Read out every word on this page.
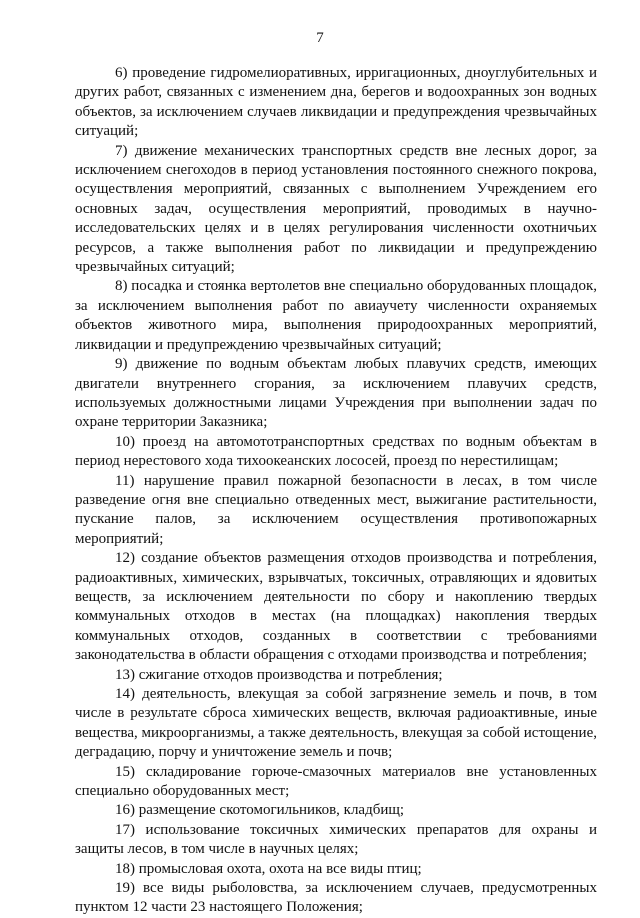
7

6) проведение гидромелиоративных, ирригационных, дноуглубительных и других работ, связанных с изменением дна, берегов и водоохранных зон водных объектов, за исключением случаев ликвидации и предупреждения чрезвычайных ситуаций;

7) движение механических транспортных средств вне лесных дорог, за исключением снегоходов в период установления постоянного снежного покрова, осуществления мероприятий, связанных с выполнением Учреждением его основных задач, осуществления мероприятий, проводимых в научно-исследовательских целях и в целях регулирования численности охотничьих ресурсов, а также выполнения работ по ликвидации и предупреждению чрезвычайных ситуаций;

8) посадка и стоянка вертолетов вне специально оборудованных площадок, за исключением выполнения работ по авиаучету численности охраняемых объектов животного мира, выполнения природоохранных мероприятий, ликвидации и предупреждению чрезвычайных ситуаций;

9) движение по водным объектам любых плавучих средств, имеющих двигатели внутреннего сгорания, за исключением плавучих средств, используемых должностными лицами Учреждения при выполнении задач по охране территории Заказника;

10) проезд на автомототранспортных средствах по водным объектам в период нерестового хода тихоокеанских лососей, проезд по нерестилищам;

11) нарушение правил пожарной безопасности в лесах, в том числе разведение огня вне специально отведенных мест, выжигание растительности, пускание палов, за исключением осуществления противопожарных мероприятий;

12) создание объектов размещения отходов производства и потребления, радиоактивных, химических, взрывчатых, токсичных, отравляющих и ядовитых веществ, за исключением деятельности по сбору и накоплению твердых коммунальных отходов в местах (на площадках) накопления твердых коммунальных отходов, созданных в соответствии с требованиями законодательства в области обращения с отходами производства и потребления;

13) сжигание отходов производства и потребления;

14) деятельность, влекущая за собой загрязнение земель и почв, в том числе в результате сброса химических веществ, включая радиоактивные, иные вещества, микроорганизмы, а также деятельность, влекущая за собой истощение, деградацию, порчу и уничтожение земель и почв;

15) складирование горюче-смазочных материалов вне установленных специально оборудованных мест;

16) размещение скотомогильников, кладбищ;

17) использование токсичных химических препаратов для охраны и защиты лесов, в том числе в научных целях;

18) промысловая охота, охота на все виды птиц;

19) все виды рыболовства, за исключением случаев, предусмотренных пунктом 12 части 23 настоящего Положения;
